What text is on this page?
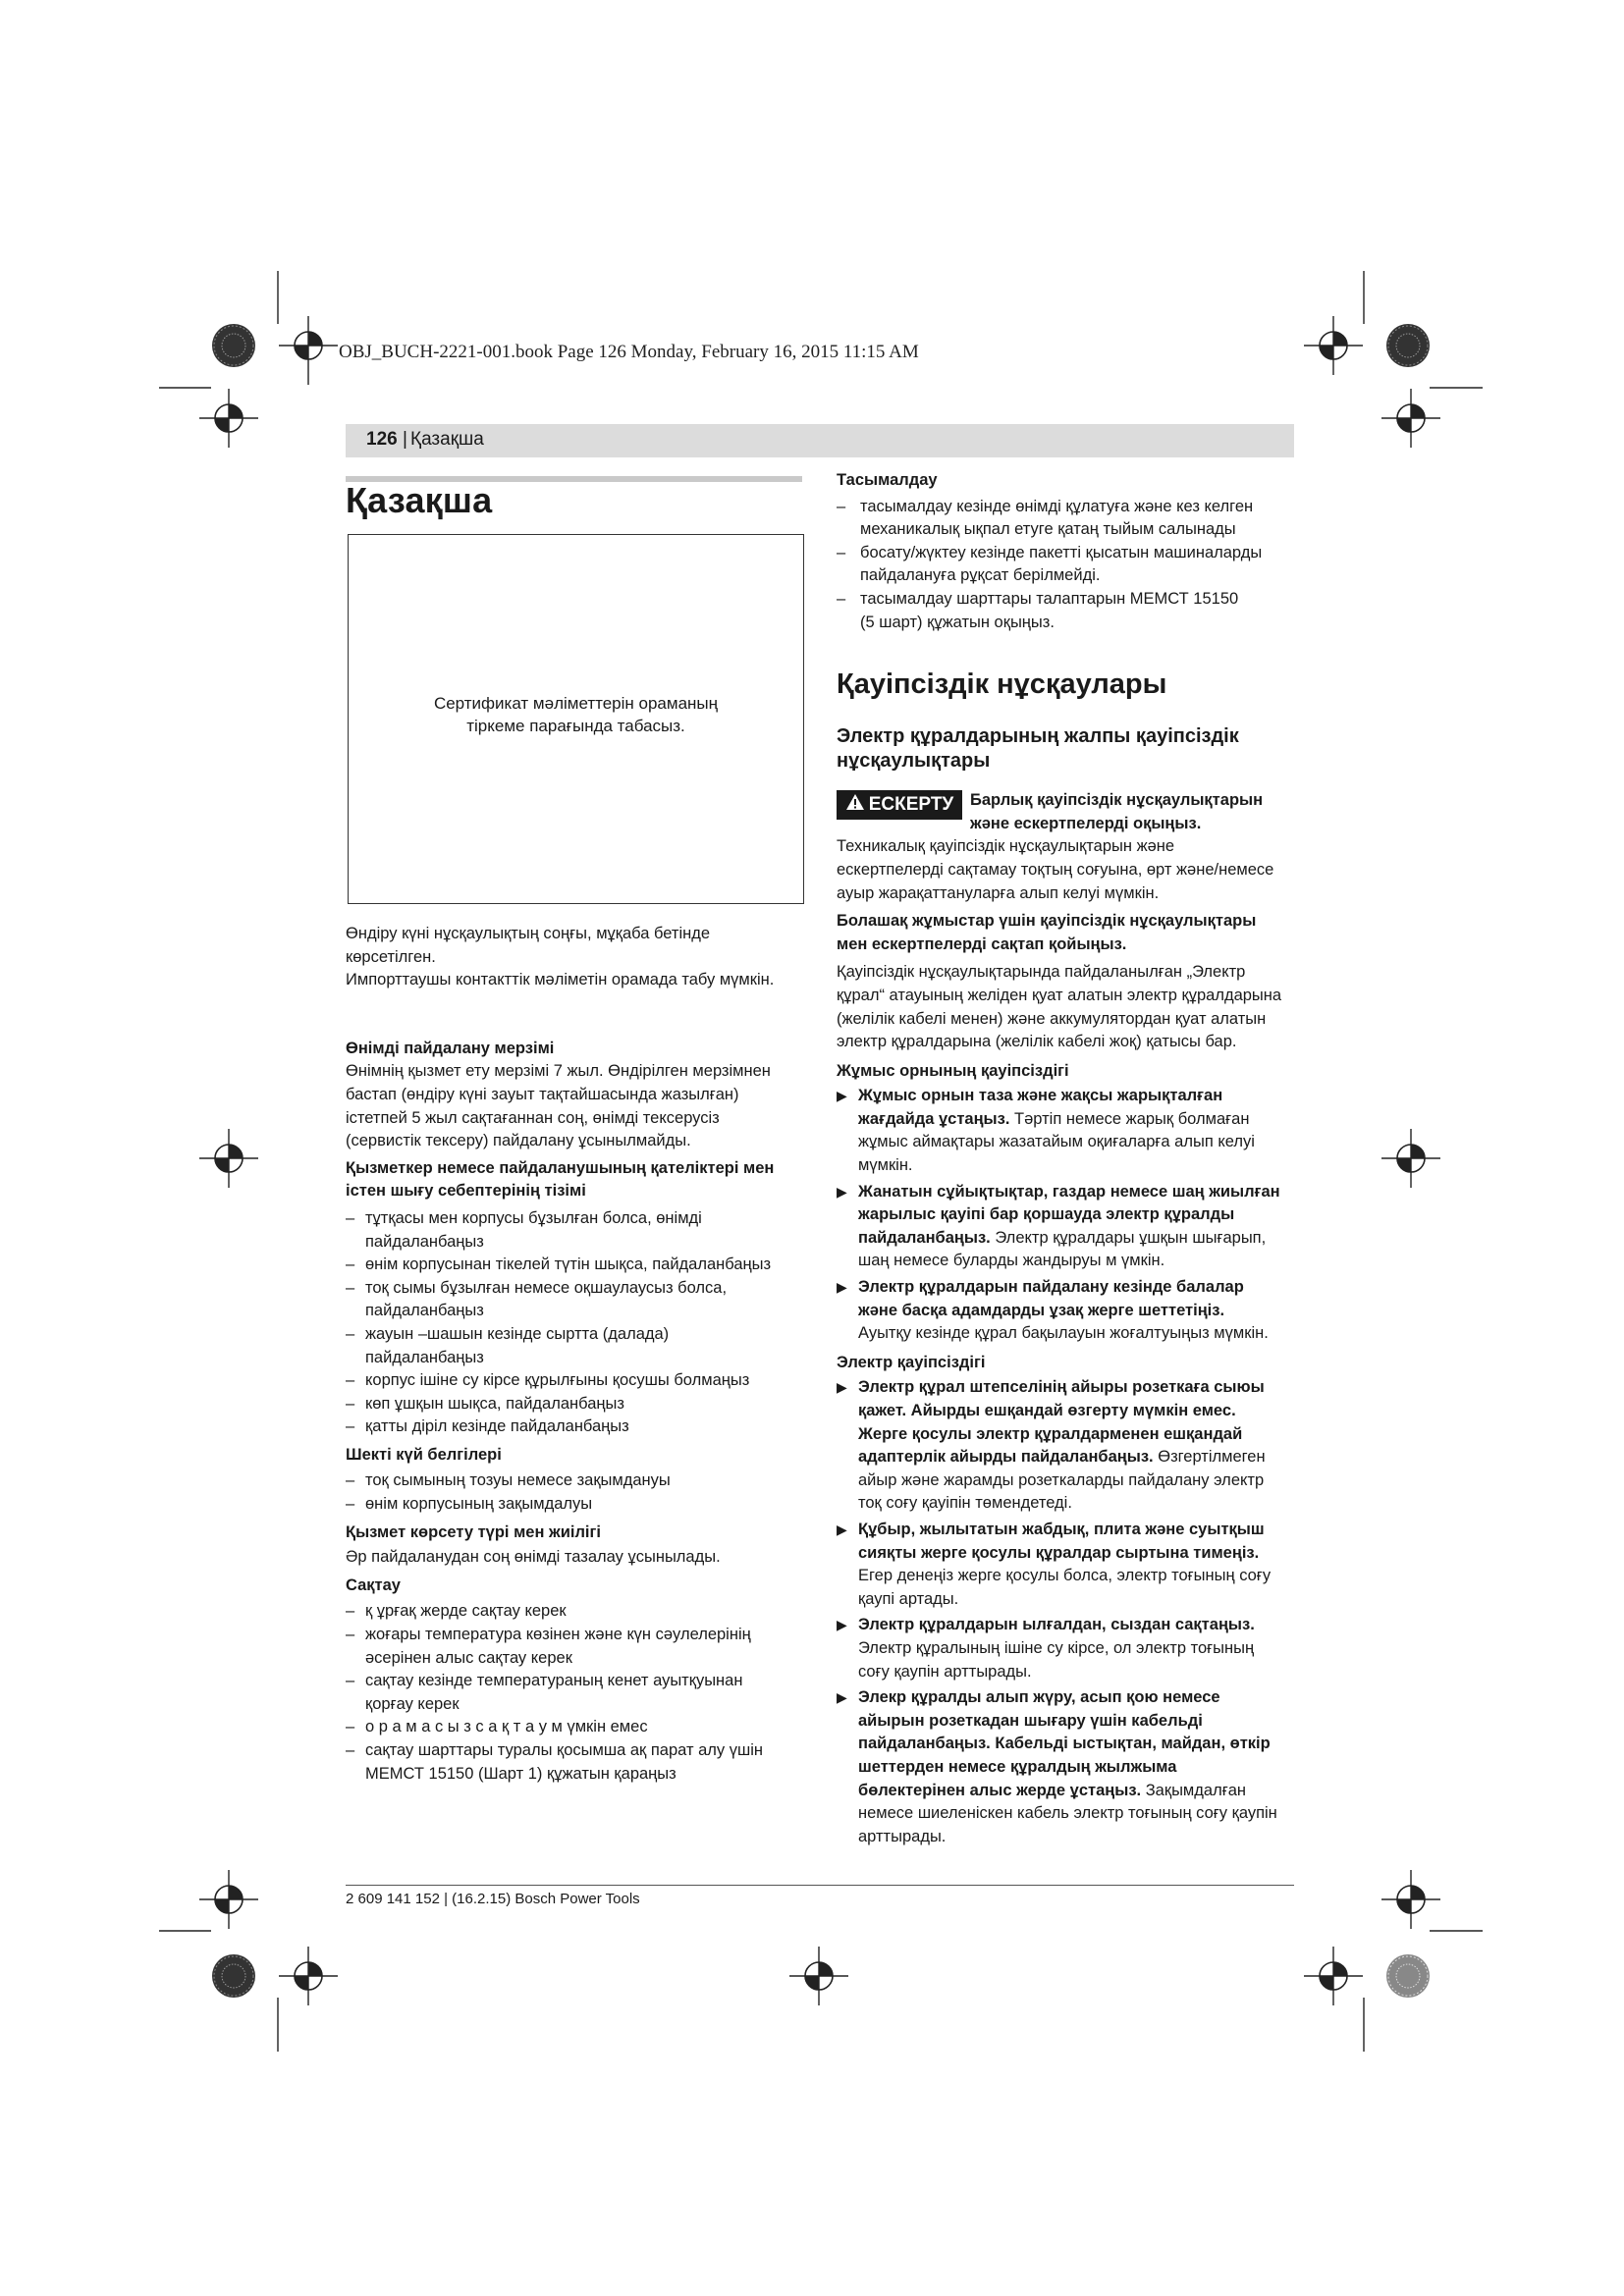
OBJ_BUCH-2221-001.book Page 126 Monday, February 16, 2015 11:15 AM
126 | Қазақша
Қазақша
Сертификат мәліметтерін ораманың
тіркеме парағында табасыз.

Өндіру күні нұсқаулықтың соңғы, мұқаба бетінде

көрсетілген.

Импорттаушы контакттік мәліметін орамада табу мүмкін.

Өнімді пайдалану мерзімі

Өнімнің қызмет ету мерзімі 7 жыл. Өндірілген мерзімнен

бастап (өндіру күні зауыт тақтайшасында жазылған)

істетпей 5 жыл сақтағаннан соң, өнімді тексерусіз

(сервистік тексеру) пайдалану ұсынылмайды.

Қызметкер немесе пайдаланушының қателіктері мен

істен шығу себептерінің тізімі

– тұтқасы мен корпусы бұзылған болса, өнімді
пайдаланбаңыз
– өнім корпусынан тікелей түтін шықса, пайдаланбаңыз
– тоқ сымы бұзылған немесе оқшаулаусыз болса,
пайдаланбаңыз
– жауын –шашын кезінде сыртта (далада)
пайдаланбаңыз
– корпус ішіне су кірсе құрылғыны қосушы болмаңыз
– көп ұшқын шықса, пайдаланбаңыз
– қатты діріл кезінде пайдаланбаңыз

Шекті күй белгілері

– тоқ сымының тозуы немесе зақымдануы
– өнім корпусының зақымдалуы

Қызмет көрсету түрі мен жиілігі

Әр пайдаланудан соң өнімді тазалау ұсынылады.

Сақтау

– қ ұрғақ жерде сақтау керек
– жоғары температура көзінен және күн сәулелерінің
әсерінен алыс сақтау керек
– сақтау кезінде температураның кенет ауытқуынан
қорғау керек
– о р а м а с ы з с а қ т а у м үмкін емес
– сақтау шарттары туралы қосымша ақ парат алу үшін
МЕМСТ 15150 (Шарт 1) құжатын қараңыз

Тасымалдау

– тасымалдау кезінде өнімді құлатуға және кез келген
механикалық ықпал етуге қатаң тыйым салынады
– босату/жүктеу кезінде пакетті қысатын машиналарды
пайдалануға рұқсат берілмейді.
– тасымалдау шарттары талаптарын МЕМСТ 15150
(5 шарт) құжатын оқыңыз.

Қауіпсіздік нұсқаулары

Электр құралдарының жалпы қауіпсіздік

нұсқаулықтары

ЕСКЕРТУ Барлық қауіпсіздік нұсқаулықтарын
және ескертпелерді оқыңыз.

Техникалық қауіпсіздік нұсқаулықтарын және

ескертпелерді сақтамау тоқтың соғуына, өрт және/немесе

ауыр жарақаттануларға алып келуі мүмкін.

Болашақ жұмыстар үшін қауіпсіздік нұсқаулықтары

мен ескертпелерді сақтап қойыңыз.

Қауіпсіздік нұсқаулықтарында пайдаланылған „Электр

құрал“ атауының желіден қуат алатын электр құралдарына

(желілік кабелі менен) және аккумулятордан қуат алатын

электр құралдарына (желілік кабелі жоқ) қатысы бар.

Жұмыс орнының қауіпсіздігі

▶ Жұмыс орнын таза және жақсы жарықталған
жағдайда ұстаңыз. Тәртіп немесе жарық болмаған
жұмыс аймақтары жазатайым оқиғаларға алып келуі
мүмкін.
▶ Жанатын сұйықтықтар, газдар немесе шаң жиылған
жарылыс қауіпі бар қоршауда электр құралды
пайдаланбаңыз. Электр құралдары ұшқын шығарып,
шаң немесе буларды жандыруы м үмкін.
▶ Электр құралдарын пайдалану кезінде балалар
және басқа адамдарды ұзақ жерге шеттетіңіз.
Ауытқу кезінде құрал бақылауын жоғалтуыңыз мүмкін.

Электр қауіпсіздігі

▶ Электр құрал штепселінің айыры розеткаға сыюы
қажет. Айырды ешқандай өзгерту мүмкін емес.
Жерге қосулы электр құралдарменен ешқандай
адаптерлік айырды пайдаланбаңыз. Өзгертілмеген
айыр және жарамды розеткаларды пайдалану электр
тоқ соғу қауіпін төмендетеді.
▶ Құбыр, жылытатын жабдық, плита және суытқыш
сияқты жерге қосулы құралдар сыртына тимеңіз.
Егер денеңіз жерге қосулы болса, электр тоғының соғу
қаупі артады.
▶ Электр құралдарын ылғалдан, сыздан сақтаңыз.
Электр құралының ішіне су кірсе, ол электр тоғының
соғу қаупін арттырады.
▶ Элекр құралды алып жүру, асып қою немесе
айырын розеткадан шығару үшін кабельді
пайдаланбаңыз. Кабельді ыстықтан, майдан, өткір
шеттерден немесе құралдың жылжыма
бөлектерінен алыс жерде ұстаңыз. Зақымдалған
немесе шиеленіскен кабель электр тоғының соғу қаупін
арттырады.
2 609 141 152 | (16.2.15) Bosch Power Tools
